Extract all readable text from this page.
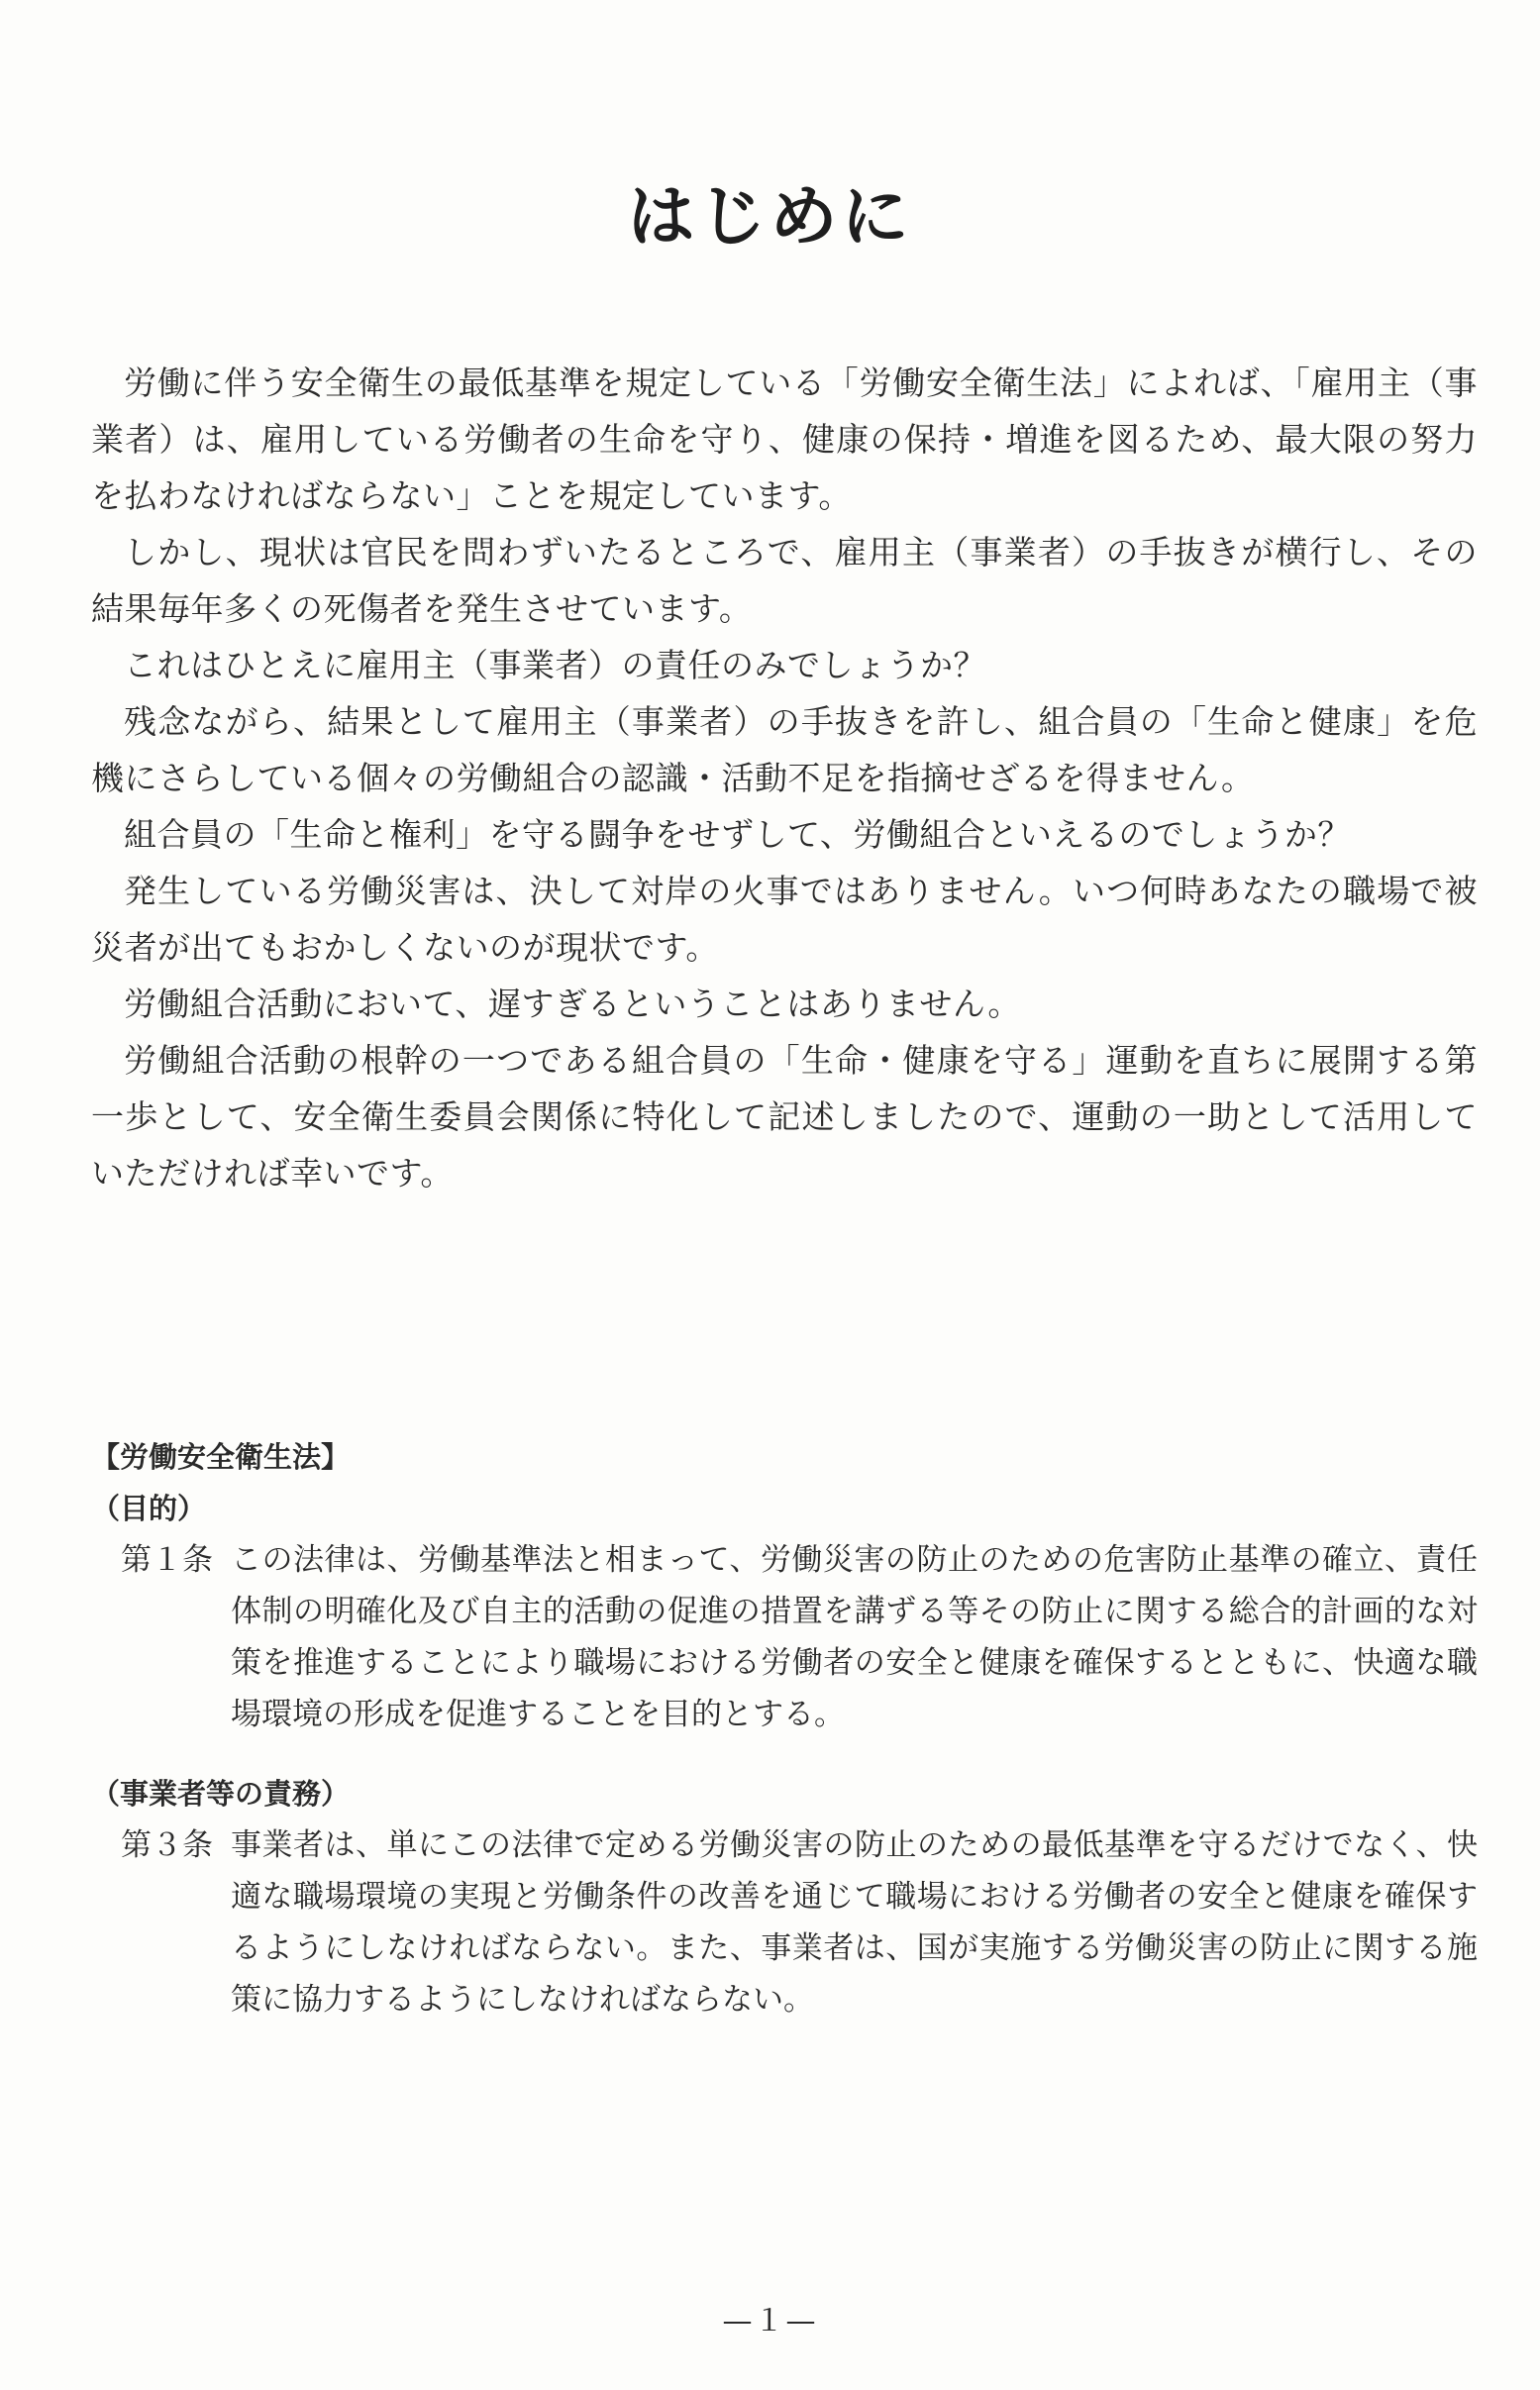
はじめに

労働に伴う安全衛生の最低基準を規定している「労働安全衛生法」によれば、「雇用主（事業者）は、雇用している労働者の生命を守り、健康の保持・増進を図るため、最大限の努力を払わなければならない」ことを規定しています。

しかし、現状は官民を問わずいたるところで、雇用主（事業者）の手抜きが横行し、その結果毎年多くの死傷者を発生させています。

これはひとえに雇用主（事業者）の責任のみでしょうか？

残念ながら、結果として雇用主（事業者）の手抜きを許し、組合員の「生命と健康」を危機にさらしている個々の労働組合の認識・活動不足を指摘せざるを得ません。

組合員の「生命と権利」を守る闘争をせずして、労働組合といえるのでしょうか？

発生している労働災害は、決して対岸の火事ではありません。いつ何時あなたの職場で被災者が出てもおかしくないのが現状です。

労働組合活動において、遅すぎるということはありません。

労働組合活動の根幹の一つである組合員の「生命・健康を守る」運動を直ちに展開する第一歩として、安全衛生委員会関係に特化して記述しましたので、運動の一助として活用していただければ幸いです。

【労働安全衛生法】

（目的）

第１条 この法律は、労働基準法と相まって、労働災害の防止のための危害防止基準の確立、責任体制の明確化及び自主的活動の促進の措置を講ずる等その防止に関する総合的計画的な対策を推進することにより職場における労働者の安全と健康を確保するとともに、快適な職場環境の形成を促進することを目的とする。

（事業者等の責務）

第３条 事業者は、単にこの法律で定める労働災害の防止のための最低基準を守るだけでなく、快適な職場環境の実現と労働条件の改善を通じて職場における労働者の安全と健康を確保するようにしなければならない。また、事業者は、国が実施する労働災害の防止に関する施策に協力するようにしなければならない。
—１—
